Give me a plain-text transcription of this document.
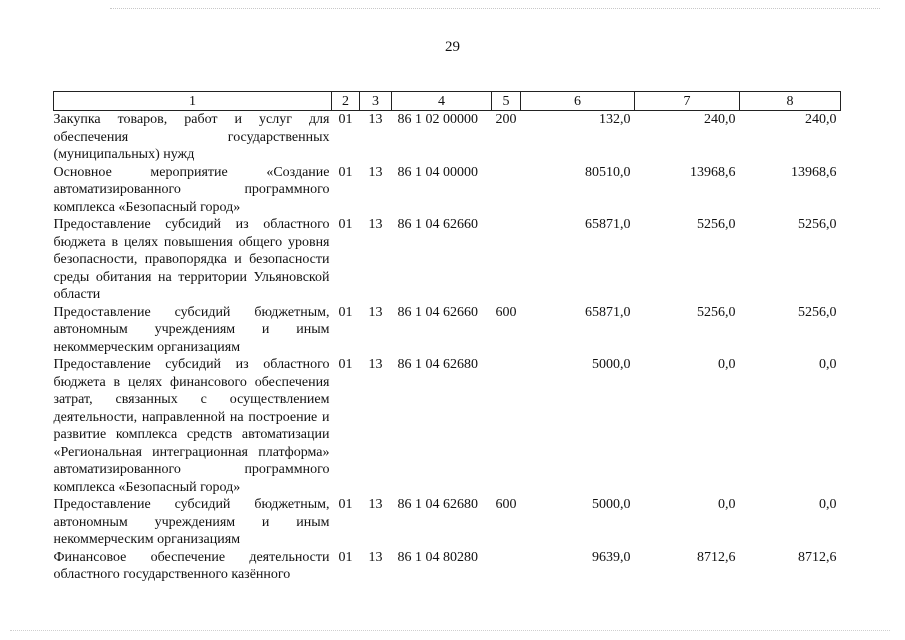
29
1	2	3	4	5	6	7	8
Закупка товаров, работ и услуг для обеспечения государственных (муниципальных) нужд	01	13	86 1 02 00000	200	132,0	240,0	240,0
Основное мероприятие «Создание автоматизированного программного комплекса «Безопасный город»	01	13	86 1 04 00000		80510,0	13968,6	13968,6
Предоставление субсидий из областного бюджета в целях повышения общего уровня безопасности, правопорядка и безопасности среды обитания на территории Ульяновской области	01	13	86 1 04 62660		65871,0	5256,0	5256,0
Предоставление субсидий бюджетным, автономным учреждениям и иным некоммерческим организациям	01	13	86 1 04 62660	600	65871,0	5256,0	5256,0
Предоставление субсидий из областного бюджета в целях финансового обеспечения затрат, связанных с осуществлением деятельности, направленной на построение и развитие комплекса средств автоматизации «Региональная интеграционная платформа» автоматизированного программного комплекса «Безопасный город»	01	13	86 1 04 62680		5000,0	0,0	0,0
Предоставление субсидий бюджетным, автономным учреждениям и иным некоммерческим организациям	01	13	86 1 04 62680	600	5000,0	0,0	0,0
Финансовое обеспечение деятельности областного государственного казённого	01	13	86 1 04 80280		9639,0	8712,6	8712,6
